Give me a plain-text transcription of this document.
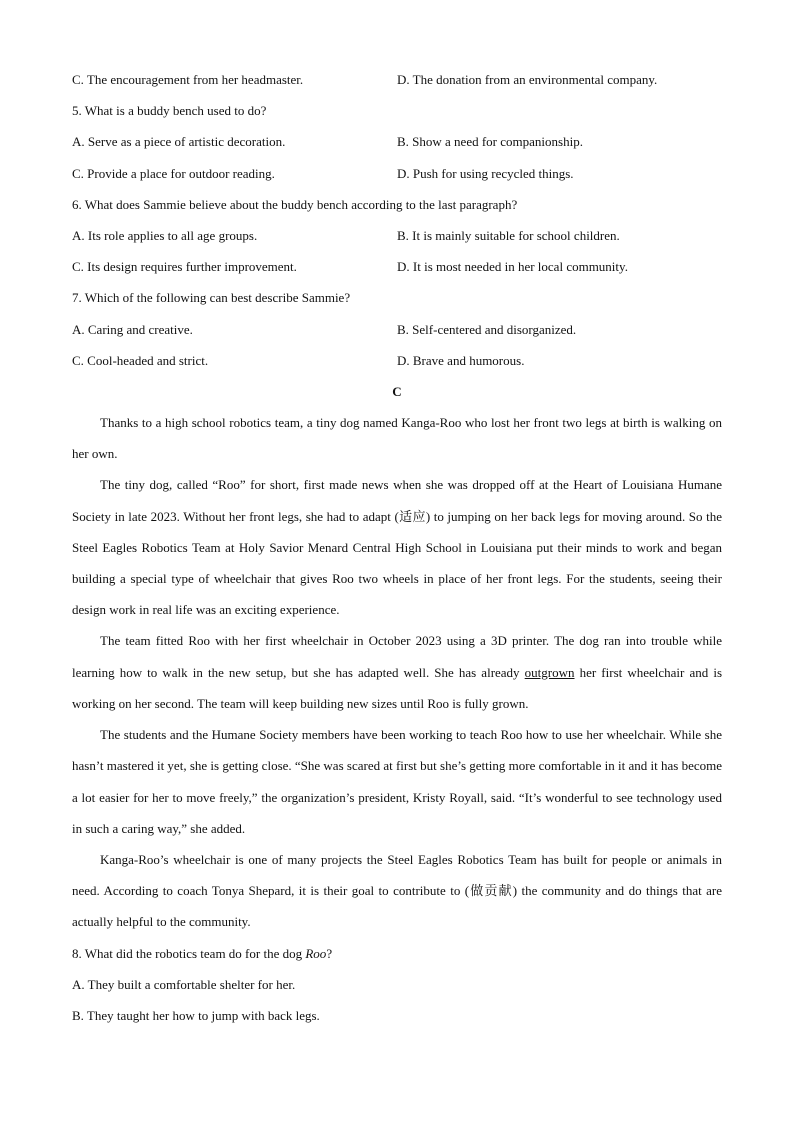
C. The encouragement from her headmaster.	D. The donation from an environmental company.
5. What is a buddy bench used to do?
A. Serve as a piece of artistic decoration.	B. Show a need for companionship.
C. Provide a place for outdoor reading.	D. Push for using recycled things.
6. What does Sammie believe about the buddy bench according to the last paragraph?
A. Its role applies to all age groups.	B. It is mainly suitable for school children.
C. Its design requires further improvement.	D. It is most needed in her local community.
7. Which of the following can best describe Sammie?
A. Caring and creative.	B. Self-centered and disorganized.
C. Cool-headed and strict.	D. Brave and humorous.
C

Thanks to a high school robotics team, a tiny dog named Kanga-Roo who lost her front two legs at birth is walking on her own.

The tiny dog, called “Roo” for short, first made news when she was dropped off at the Heart of Louisiana Humane Society in late 2023. Without her front legs, she had to adapt (适应) to jumping on her back legs for moving around. So the Steel Eagles Robotics Team at Holy Savior Menard Central High School in Louisiana put their minds to work and began building a special type of wheelchair that gives Roo two wheels in place of her front legs. For the students, seeing their design work in real life was an exciting experience.

The team fitted Roo with her first wheelchair in October 2023 using a 3D printer. The dog ran into trouble while learning how to walk in the new setup, but she has adapted well. She has already outgrown her first wheelchair and is working on her second. The team will keep building new sizes until Roo is fully grown.

The students and the Humane Society members have been working to teach Roo how to use her wheelchair. While she hasn’t mastered it yet, she is getting close. “She was scared at first but she’s getting more comfortable in it and it has become a lot easier for her to move freely,” the organization’s president, Kristy Royall, said. “It’s wonderful to see technology used in such a caring way,” she added.

Kanga-Roo’s wheelchair is one of many projects the Steel Eagles Robotics Team has built for people or animals in need. According to coach Tonya Shepard, it is their goal to contribute to (做贡献) the community and do things that are actually helpful to the community.

8. What did the robotics team do for the dog Roo?
A. They built a comfortable shelter for her.
B. They taught her how to jump with back legs.
